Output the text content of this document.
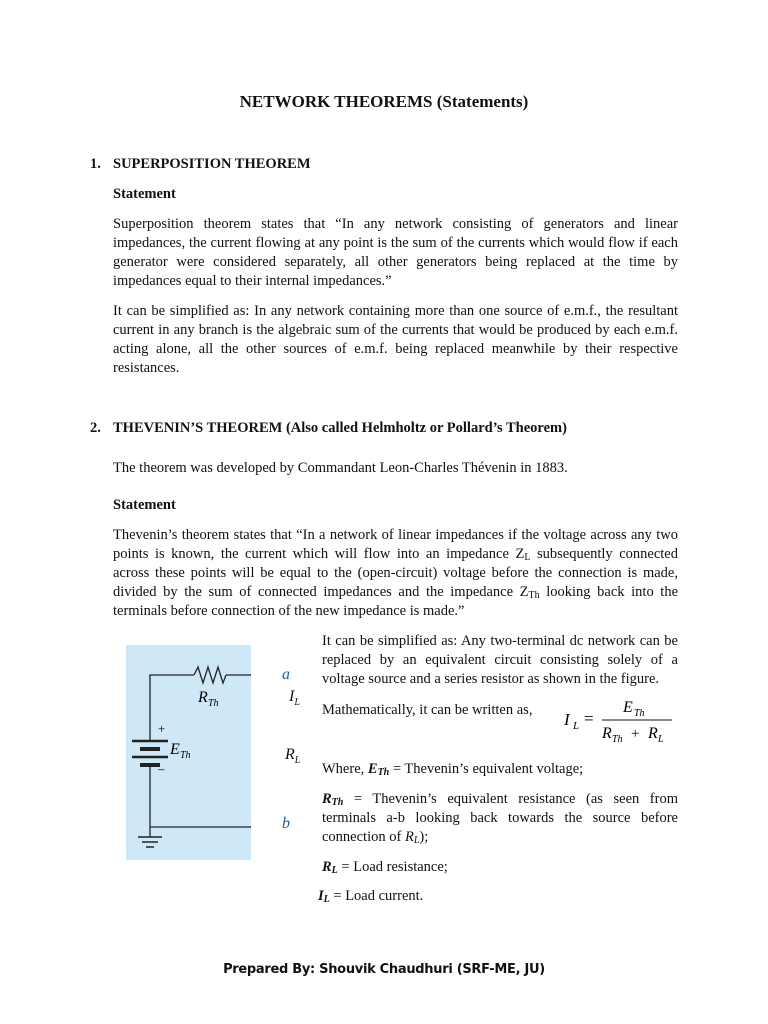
NETWORK THEOREMS (Statements)
1. SUPERPOSITION THEOREM
Statement
Superposition theorem states that “In any network consisting of generators and linear impedances, the current flowing at any point is the sum of the currents which would flow if each generator were considered separately, all other generators being replaced at the time by impedances equal to their internal impedances.”
It can be simplified as: In any network containing more than one source of e.m.f., the resultant current in any branch is the algebraic sum of the currents that would be produced by each e.m.f. acting alone, all the other sources of e.m.f. being replaced meanwhile by their respective resistances.
2. THEVENIN’S THEOREM (Also called Helmholtz or Pollard’s Theorem)
The theorem was developed by Commandant Leon-Charles Thévenin in 1883.
Statement
Thevenin’s theorem states that “In a network of linear impedances if the voltage across any two points is known, the current which will flow into an impedance $Z_L$ subsequently connected across these points will be equal to the (open-circuit) voltage before the connection is made, divided by the sum of connected impedances and the impedance $Z_{Th}$ looking back into the terminals before connection of the new impedance is made.”
It can be simplified as: Any two-terminal dc network can be replaced by an equivalent circuit consisting solely of a voltage source and a series resistor as shown in the figure.
Mathematically, it can be written as, I L =
E Th
R Th + R L
Where, $E_{Th}$ = Thevenin’s equivalent voltage;
$R_{Th}$ = Thevenin’s equivalent resistance (as seen from terminals a-b looking back towards the source before connection of $R_L$);
$R_L$ = Load resistance;
$I_L$ = Load current.
R Th
E Th
+
–
a
b
$I_L$
$R_L$
Prepared By: Shouvik Chaudhuri (SRF-ME, JU)
